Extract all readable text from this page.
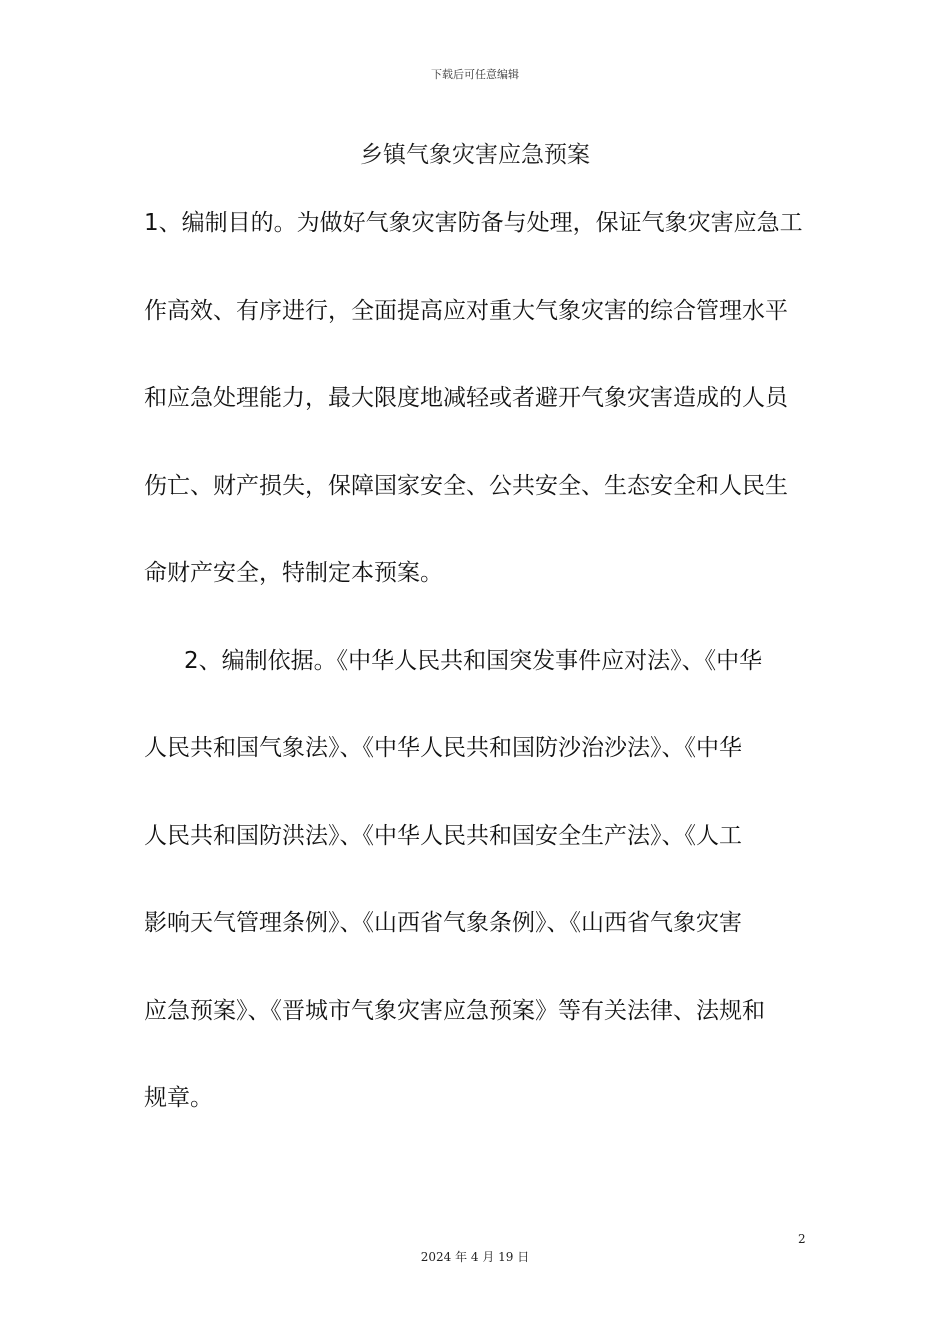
下载后可任意编辑
乡镇气象灾害应急预案
1、编制目的。为做好气象灾害防备与处理，保证气象灾害应急工
作高效、有序进行，全面提高应对重大气象灾害的综合管理水平
和应急处理能力，最大限度地减轻或者避开气象灾害造成的人员
伤亡、财产损失，保障国家安全、公共安全、生态安全和人民生
命财产安全，特制定本预案。
2、编制依据。《中华人民共和国突发事件应对法》、《中华
人民共和国气象法》、《中华人民共和国防沙治沙法》、《中华
人民共和国防洪法》、《中华人民共和国安全生产法》、《人工
影响天气管理条例》、《山西省气象条例》、《山西省气象灾害
应急预案》、《晋城市气象灾害应急预案》等有关法律、法规和
规章。
2
2024 年 4 月 19 日
